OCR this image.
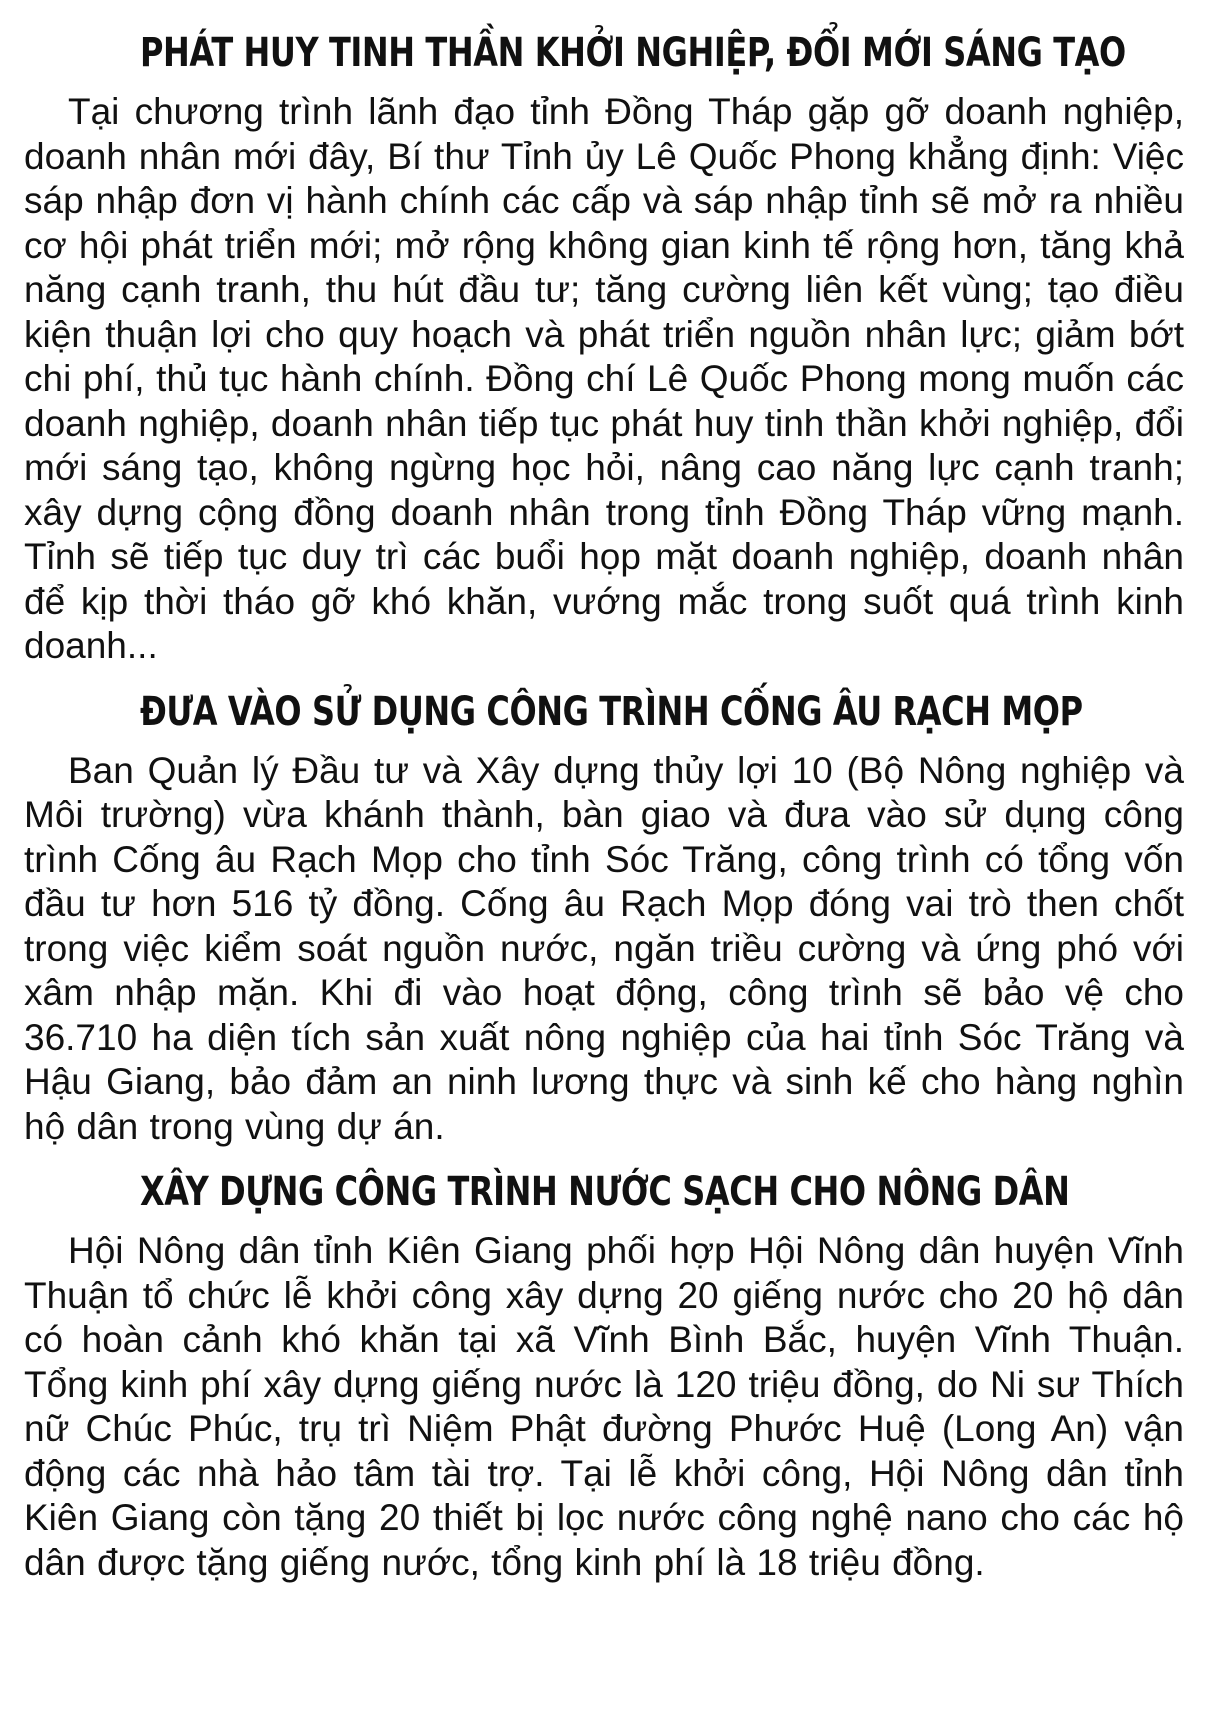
PHÁT HUY TINH THẦN KHỞI NGHIỆP, ĐỔI MỚI SÁNG TẠO

Tại chương trình lãnh đạo tỉnh Đồng Tháp gặp gỡ doanh nghiệp, doanh nhân mới đây, Bí thư Tỉnh ủy Lê Quốc Phong khẳng định: Việc sáp nhập đơn vị hành chính các cấp và sáp nhập tỉnh sẽ mở ra nhiều cơ hội phát triển mới; mở rộng không gian kinh tế rộng hơn, tăng khả năng cạnh tranh, thu hút đầu tư; tăng cường liên kết vùng; tạo điều kiện thuận lợi cho quy hoạch và phát triển nguồn nhân lực; giảm bớt chi phí, thủ tục hành chính. Đồng chí Lê Quốc Phong mong muốn các doanh nghiệp, doanh nhân tiếp tục phát huy tinh thần khởi nghiệp, đổi mới sáng tạo, không ngừng học hỏi, nâng cao năng lực cạnh tranh; xây dựng cộng đồng doanh nhân trong tỉnh Đồng Tháp vững mạnh. Tỉnh sẽ tiếp tục duy trì các buổi họp mặt doanh nghiệp, doanh nhân để kịp thời tháo gỡ khó khăn, vướng mắc trong suốt quá trình kinh doanh...

ĐƯA VÀO SỬ DỤNG CÔNG TRÌNH CỐNG ÂU RẠCH MỌP

Ban Quản lý Đầu tư và Xây dựng thủy lợi 10 (Bộ Nông nghiệp và Môi trường) vừa khánh thành, bàn giao và đưa vào sử dụng công trình Cống âu Rạch Mọp cho tỉnh Sóc Trăng, công trình có tổng vốn đầu tư hơn 516 tỷ đồng. Cống âu Rạch Mọp đóng vai trò then chốt trong việc kiểm soát nguồn nước, ngăn triều cường và ứng phó với xâm nhập mặn. Khi đi vào hoạt động, công trình sẽ bảo vệ cho 36.710 ha diện tích sản xuất nông nghiệp của hai tỉnh Sóc Trăng và Hậu Giang, bảo đảm an ninh lương thực và sinh kế cho hàng nghìn hộ dân trong vùng dự án.

XÂY DỰNG CÔNG TRÌNH NƯỚC SẠCH CHO NÔNG DÂN

Hội Nông dân tỉnh Kiên Giang phối hợp Hội Nông dân huyện Vĩnh Thuận tổ chức lễ khởi công xây dựng 20 giếng nước cho 20 hộ dân có hoàn cảnh khó khăn tại xã Vĩnh Bình Bắc, huyện Vĩnh Thuận. Tổng kinh phí xây dựng giếng nước là 120 triệu đồng, do Ni sư Thích nữ Chúc Phúc, trụ trì Niệm Phật đường Phước Huệ (Long An) vận động các nhà hảo tâm tài trợ. Tại lễ khởi công, Hội Nông dân tỉnh Kiên Giang còn tặng 20 thiết bị lọc nước công nghệ nano cho các hộ dân được tặng giếng nước, tổng kinh phí là 18 triệu đồng.
